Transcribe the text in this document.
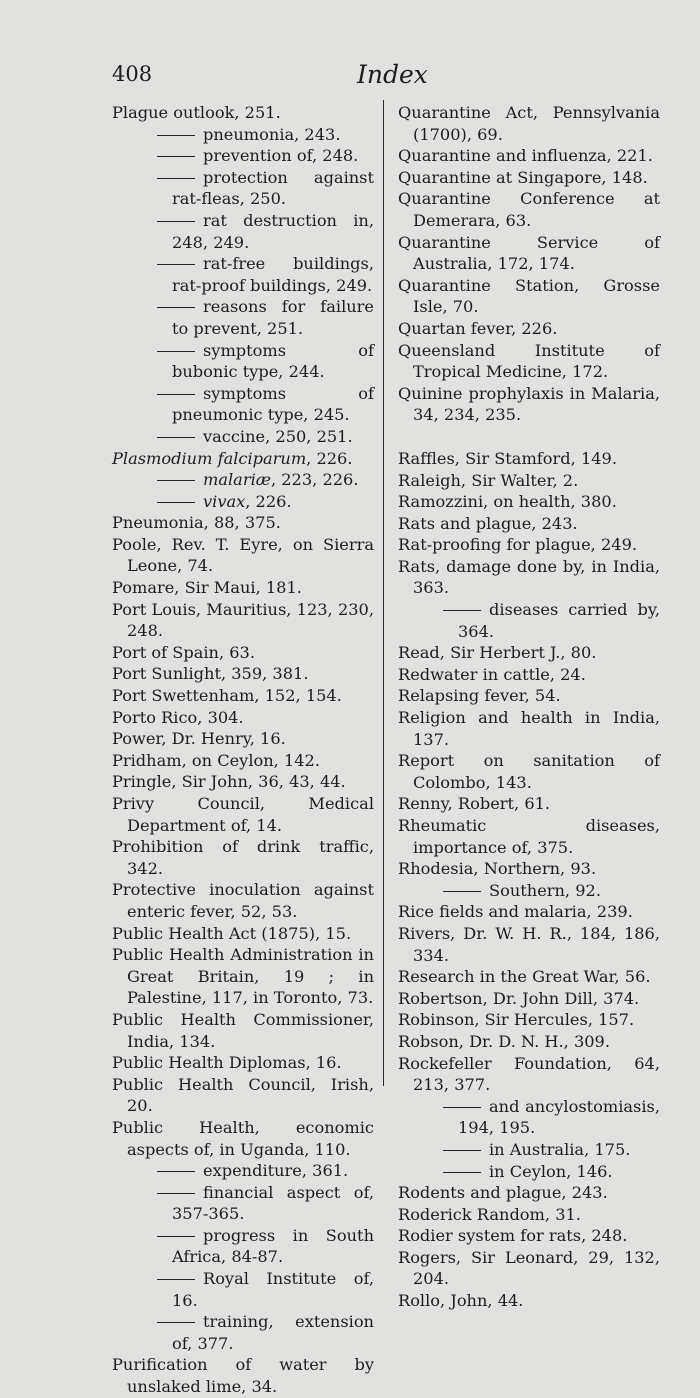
408	Index
Plague outlook, 251.
pneumonia, 243.
prevention of, 248.
protection against rat-fleas, 250.
rat destruction in, 248, 249.
rat-free buildings, rat-proof buildings, 249.
reasons for failure to prevent, 251.
symptoms of bubonic type, 244.
symptoms of pneumonic type, 245.
vaccine, 250, 251.
Plasmodium falciparum, 226.
malariæ, 223, 226.
vivax, 226.
Pneumonia, 88, 375.
Poole, Rev. T. Eyre, on Sierra Leone, 74.
Pomare, Sir Maui, 181.
Port Louis, Mauritius, 123, 230, 248.
Port of Spain, 63.
Port Sunlight, 359, 381.
Port Swettenham, 152, 154.
Porto Rico, 304.
Power, Dr. Henry, 16.
Pridham, on Ceylon, 142.
Pringle, Sir John, 36, 43, 44.
Privy Council, Medical Department of, 14.
Prohibition of drink traffic, 342.
Protective inoculation against enteric fever, 52, 53.
Public Health Act (1875), 15.
Public Health Administration in Great Britain, 19 ; in Palestine, 117, in Toronto, 73.
Public Health Commissioner, India, 134.
Public Health Diplomas, 16.
Public Health Council, Irish, 20.
Public Health, economic aspects of, in Uganda, 110.
expenditure, 361.
financial aspect of, 357-365.
progress in South Africa, 84-87.
Royal Institute of, 16.
training, extension of, 377.
Purification of water by unslaked lime, 34.
Quarantine Act, Pennsylvania (1700), 69.
Quarantine and influenza, 221.
Quarantine at Singapore, 148.
Quarantine Conference at Demerara, 63.
Quarantine Service of Australia, 172, 174.
Quarantine Station, Grosse Isle, 70.
Quartan fever, 226.
Queensland Institute of Tropical Medicine, 172.
Quinine prophylaxis in Malaria, 34, 234, 235.
Raffles, Sir Stamford, 149.
Raleigh, Sir Walter, 2.
Ramozzini, on health, 380.
Rats and plague, 243.
Rat-proofing for plague, 249.
Rats, damage done by, in India, 363.
diseases carried by, 364.
Read, Sir Herbert J., 80.
Redwater in cattle, 24.
Relapsing fever, 54.
Religion and health in India, 137.
Report on sanitation of Colombo, 143.
Renny, Robert, 61.
Rheumatic diseases, importance of, 375.
Rhodesia, Northern, 93.
Southern, 92.
Rice fields and malaria, 239.
Rivers, Dr. W. H. R., 184, 186, 334.
Research in the Great War, 56.
Robertson, Dr. John Dill, 374.
Robinson, Sir Hercules, 157.
Robson, Dr. D. N. H., 309.
Rockefeller Foundation, 64, 213, 377.
and ancylostomiasis, 194, 195.
in Australia, 175.
in Ceylon, 146.
Rodents and plague, 243.
Roderick Random, 31.
Rodier system for rats, 248.
Rogers, Sir Leonard, 29, 132, 204.
Rollo, John, 44.
